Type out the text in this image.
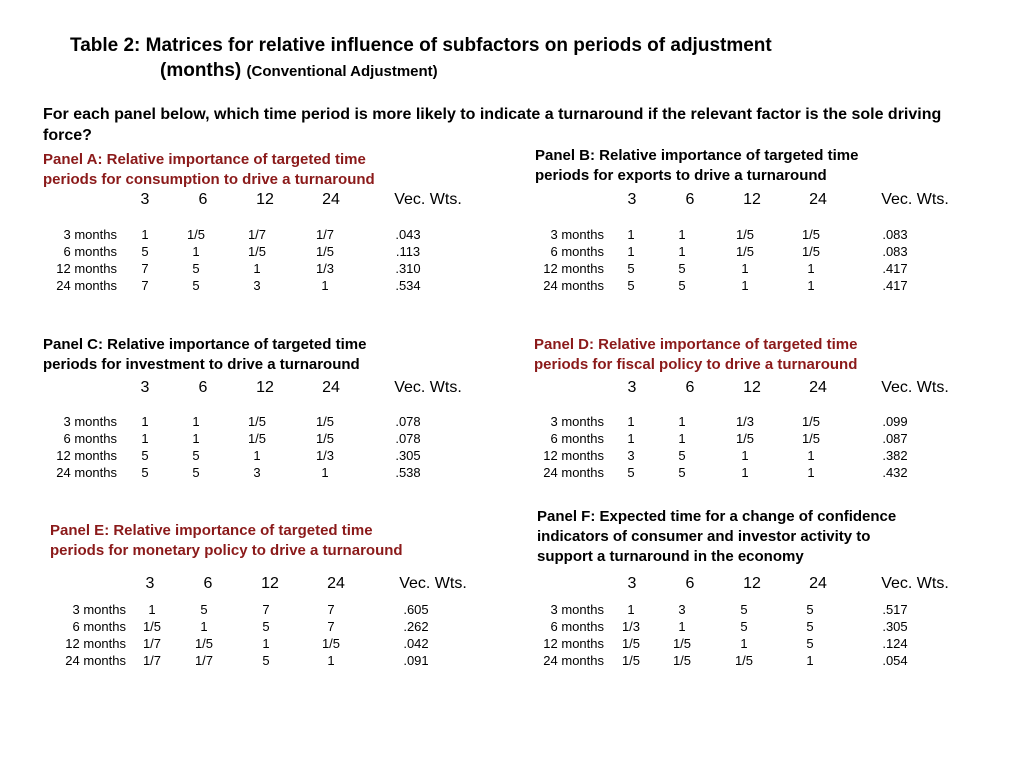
Table 2: Matrices for relative influence of subfactors on periods of adjustment
(months) (Conventional Adjustment)

For each panel below, which time period is more likely to indicate a turnaround if the relevant factor is the sole driving force?

Panel A: Relative importance of targeted time
periods for consumption to drive a turnaround

3	6	12	24	Vec. Wts.
3 months	1	1/5	1/7	1/7	.043
6 months	5	1	1/5	1/5	.113
12 months	7	5	1	1/3	.310
24 months	7	5	3	1	.534

Panel B: Relative importance of targeted time
periods for exports to drive a turnaround

3	6	12	24	Vec. Wts.
3 months	1	1	1/5	1/5	.083
6 months	1	1	1/5	1/5	.083
12 months	5	5	1	1	.417
24 months	5	5	1	1	.417

Panel C: Relative importance of targeted time
periods for investment to drive a turnaround

3	6	12	24	Vec. Wts.
3 months	1	1	1/5	1/5	.078
6 months	1	1	1/5	1/5	.078
12 months	5	5	1	1/3	.305
24 months	5	5	3	1	.538

Panel D: Relative importance of targeted time
periods for fiscal policy to drive a turnaround

3	6	12	24	Vec. Wts.
3 months	1	1	1/3	1/5	.099
6 months	1	1	1/5	1/5	.087
12 months	3	5	1	1	.382
24 months	5	5	1	1	.432

Panel E: Relative importance of targeted time
periods for monetary policy to drive a turnaround

3	6	12	24	Vec. Wts.
3 months	1	5	7	7	.605
6 months	1/5	1	5	7	.262
12 months	1/7	1/5	1	1/5	.042
24 months	1/7	1/7	5	1	.091

Panel F: Expected time for a change of confidence
indicators of consumer and investor activity to
support a turnaround in the economy

3	6	12	24	Vec. Wts.
3 months	1	3	5	5	.517
6 months	1/3	1	5	5	.305
12 months	1/5	1/5	1	5	.124
24 months	1/5	1/5	1/5	1	.054
